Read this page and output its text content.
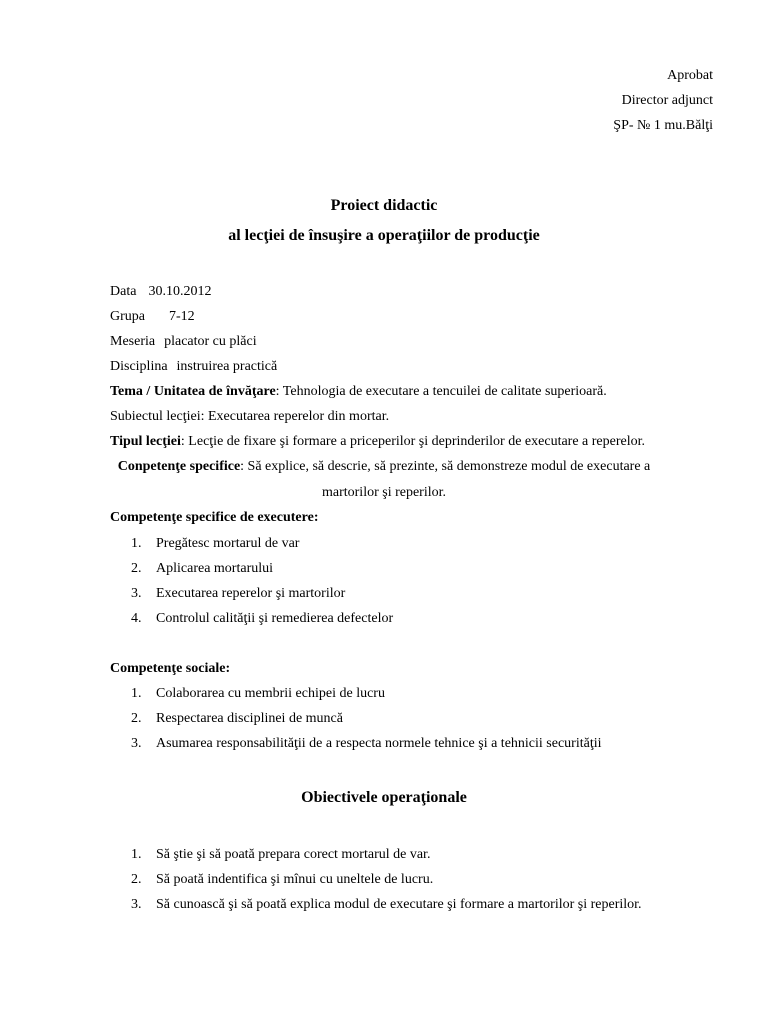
Aprobat
Director adjunct
ŞP- № 1 mu.Bălţi
Proiect didactic
al lecţiei de însuşire a operaţiilor de producţie
Data 30.10.2012
Grupa 7-12
Meseria placator cu plăci
Disciplina instruirea practică
Tema / Unitatea de învăţare: Tehnologia de executare a tencuilei de calitate superioară.
Subiectul lecţiei: Executarea reperelor din mortar.
Tipul lecţiei: Lecţie de fixare şi formare a priceperilor şi deprinderilor de executare a reperelor.
Conpetenţe specifice: Să explice, să descrie, să prezinte, să demonstreze modul de executare a
martorilor şi reperilor.
Competenţe specifice de executere:
1. Pregătesc mortarul de var
2. Aplicarea mortarului
3. Executarea reperelor şi martorilor
4. Controlul calităţii şi remedierea defectelor
Competenţe sociale:
1. Colaborarea cu membrii echipei de lucru
2. Respectarea disciplinei de muncă
3. Asumarea responsabilităţii de a respecta normele tehnice şi a tehnicii securităţii
Obiectivele operaţionale
1. Să ştie şi să poată prepara corect mortarul de var.
2. Să poată indentifica şi mînui cu uneltele de lucru.
3. Să cunoască şi să poată explica modul de executare şi formare a martorilor şi reperilor.
